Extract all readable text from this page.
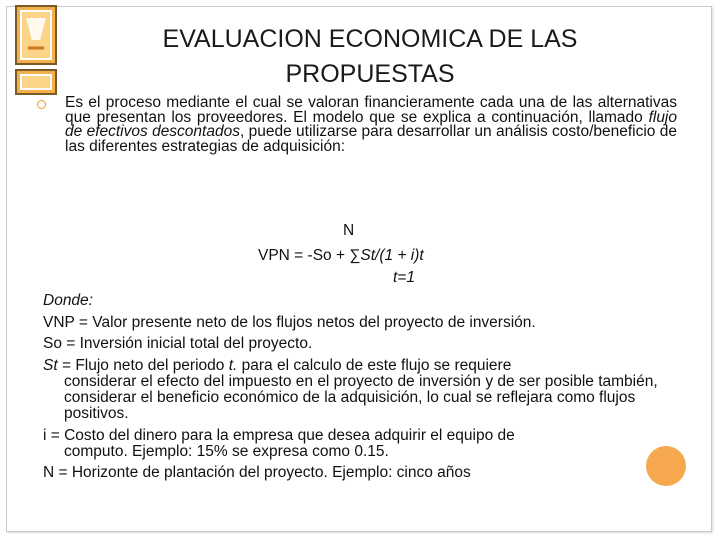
EVALUACION ECONOMICA DE LAS PROPUESTAS
Es el proceso mediante el cual se valoran financieramente cada una de las alternativas que presentan los proveedores. El modelo que se explica a continuación, llamado flujo de efectivos descontados, puede utilizarse para desarrollar un análisis costo/beneficio de las diferentes estrategias de adquisición:
N
VPN = -So + ∑St/(1 + i)t
t=1

Donde:

VNP = Valor presente neto de los flujos netos del proyecto de inversión.

So = Inversión inicial total del proyecto.

St = Flujo neto del periodo t. para el calculo de este flujo se requiere

considerar el efecto del impuesto en el proyecto de inversión y de ser posible también, considerar el beneficio económico de la adquisición, lo cual se reflejara como flujos positivos.

i = Costo del dinero para la empresa que desea adquirir el equipo de

computo. Ejemplo: 15% se expresa como 0.15.

N = Horizonte de plantación del proyecto. Ejemplo: cinco años
